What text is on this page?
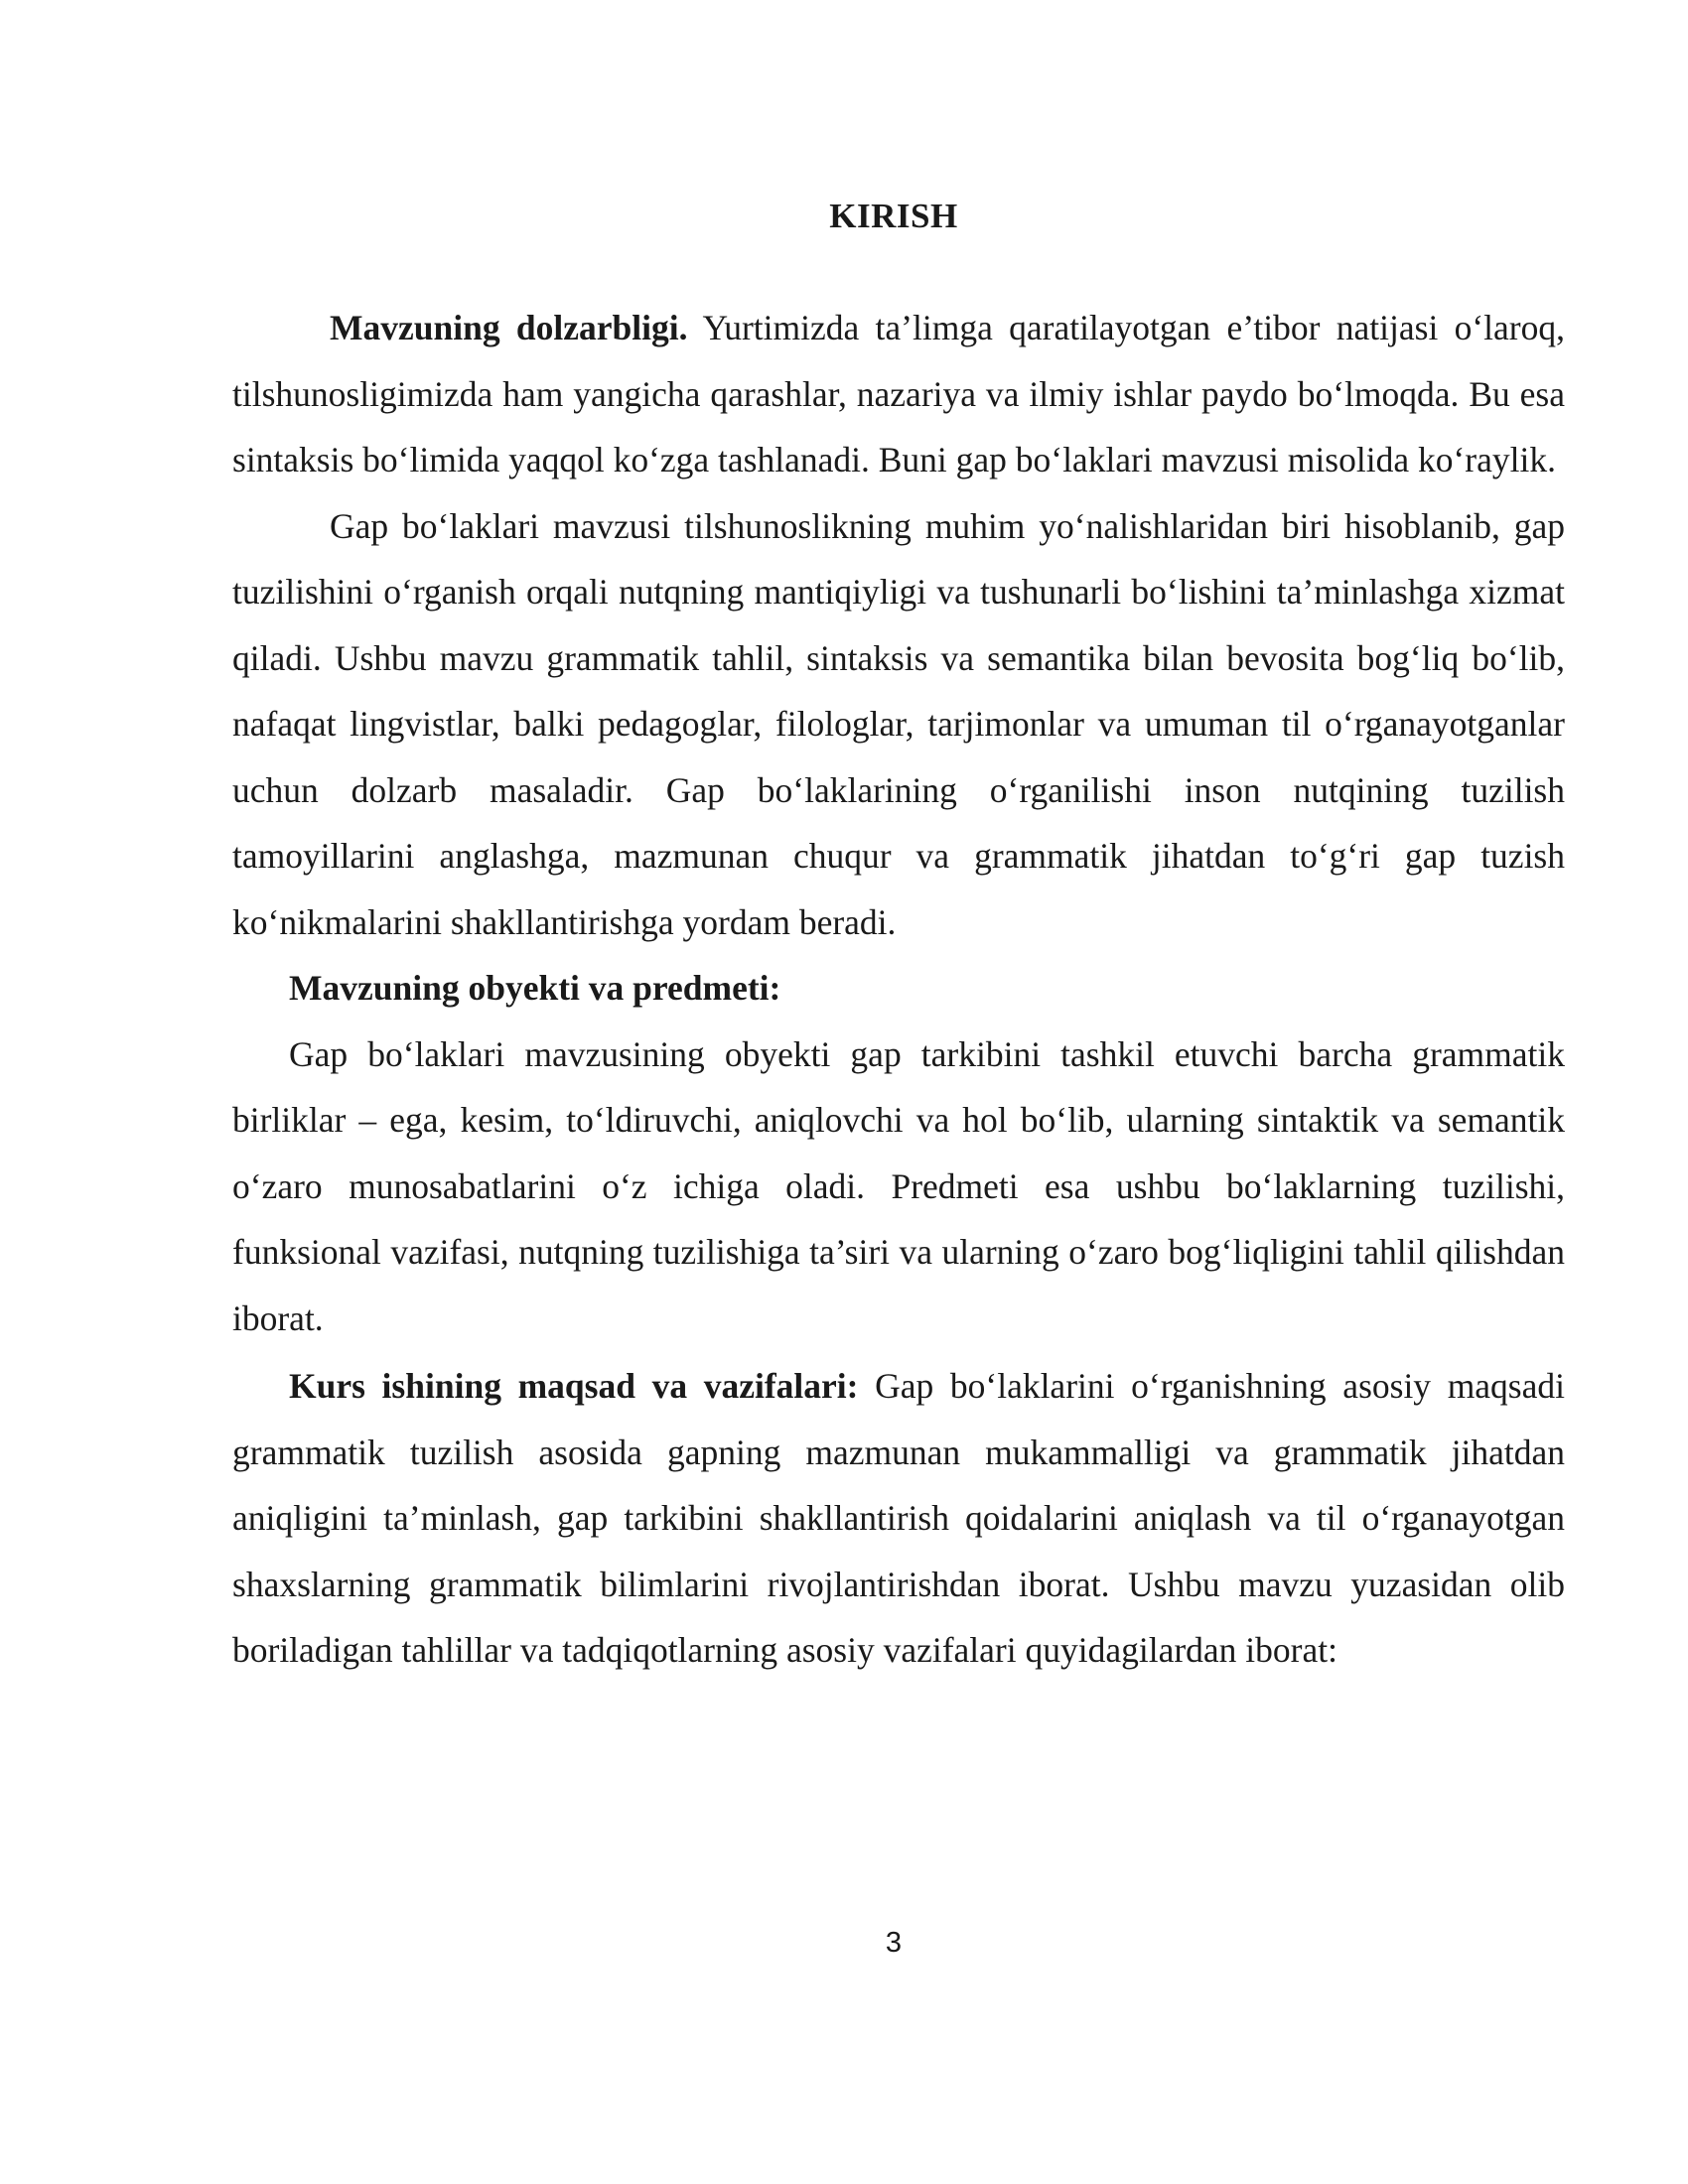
KIRISH

Mavzuning dolzarbligi. Yurtimizda ta’limga qaratilayotgan e’tibor natijasi o‘laroq, tilshunosligimizda ham yangicha qarashlar, nazariya va ilmiy ishlar paydo bo‘lmoqda. Bu esa sintaksis bo‘limida yaqqol ko‘zga tashlanadi. Buni gap bo‘laklari mavzusi misolida ko‘raylik.

Gap bo‘laklari mavzusi tilshunoslikning muhim yo‘nalishlaridan biri hisoblanib, gap tuzilishini o‘rganish orqali nutqning mantiqiyligi va tushunarli bo‘lishini ta’minlashga xizmat qiladi. Ushbu mavzu grammatik tahlil, sintaksis va semantika bilan bevosita bog‘liq bo‘lib, nafaqat lingvistlar, balki pedagoglar, filologlar, tarjimonlar va umuman til o‘rganayotganlar uchun dolzarb masaladir. Gap bo‘laklarining o‘rganilishi inson nutqining tuzilish tamoyillarini anglashga, mazmunan chuqur va grammatik jihatdan to‘g‘ri gap tuzish ko‘nikmalarini shakllantirishga yordam beradi.

Mavzuning obyekti va predmeti:

Gap bo‘laklari mavzusining obyekti gap tarkibini tashkil etuvchi barcha grammatik birliklar – ega, kesim, to‘ldiruvchi, aniqlovchi va hol bo‘lib, ularning sintaktik va semantik o‘zaro munosabatlarini o‘z ichiga oladi. Predmeti esa ushbu bo‘laklarning tuzilishi, funksional vazifasi, nutqning tuzilishiga ta’siri va ularning o‘zaro bog‘liqligini tahlil qilishdan iborat.

Kurs ishining maqsad va vazifalari: Gap bo‘laklarini o‘rganishning asosiy maqsadi grammatik tuzilish asosida gapning mazmunan mukammalligi va grammatik jihatdan aniqligini ta’minlash, gap tarkibini shakllantirish qoidalarini aniqlash va til o‘rganayotgan shaxslarning grammatik bilimlarini rivojlantirishdan iborat. Ushbu mavzu yuzasidan olib boriladigan tahlillar va tadqiqotlarning asosiy vazifalari quyidagilardan iborat:

3
